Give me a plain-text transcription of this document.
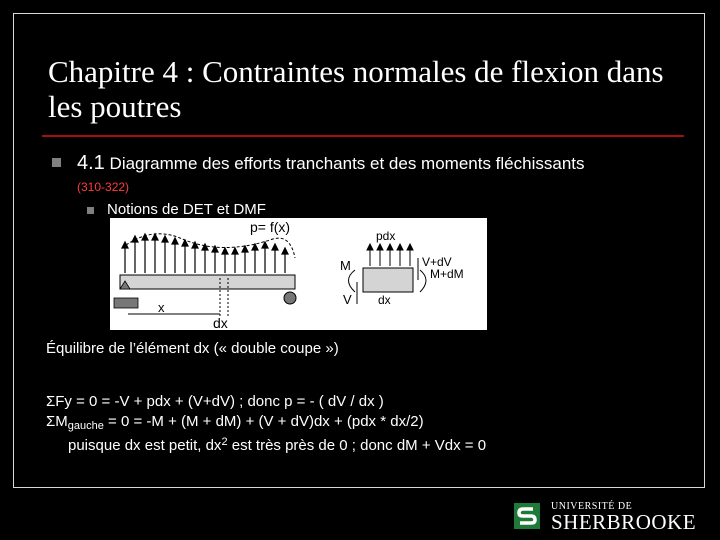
Chapitre 4 : Contraintes normales de flexion dans les poutres
4.1 Diagramme des efforts tranchants et des moments fléchissants
(310-322)
Notions de DET et DMF
p= f(x)
x
dx
pdx
M
V
V+dV
M+dM
dx
Équilibre de l’élément dx (« double coupe »)
ΣFy = 0 = -V + pdx + (V+dV) ; donc p = - ( dV / dx )
$\Sigma M_{gauche} = 0 = -M + (M + dM) + (V + dV)dx + (pdx * dx/2)$
puisque dx est petit, $dx^2$ est très près de 0 ; donc dM + Vdx = 0
UNIVERSITÉ DE
SHERBROOKE
